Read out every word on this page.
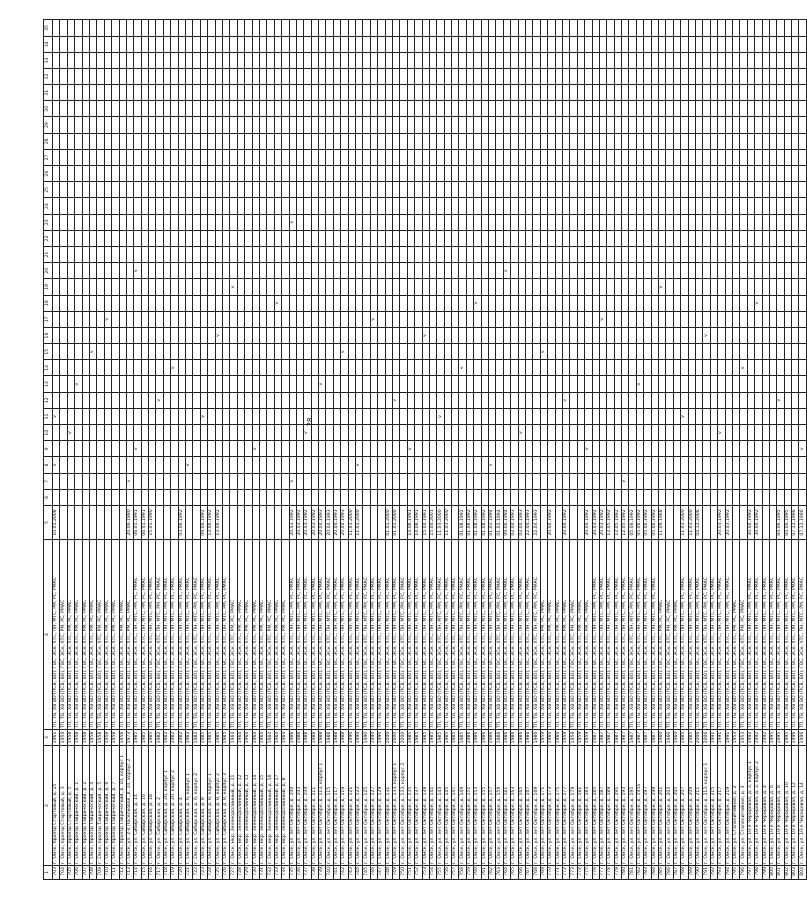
28
1	2	3	4	5	6	7	8	9	10	11	12	13	14	15	16	17	18	19	20	21	22	23	24	25	26	27	28	29	30	31	32	33	34	35
703	г. Омск, проезд Стартовый, д. 25	1961	ТП, ТВ, ХВ ВО (ПСВ, ВО), ГВС, ЭСн, ХТС, ПН, МТС, РМ, РС, РМАС	10.01.2008			v			v																								
704	г. Омск, проезд Стартовый, д. 3	1959	ТП, ТВ, ХВ ВО (ПСВ, ВО), ГВС, ЭСн, ХТС, РМ, РС, РМАС																															
705	г. Омск, проезд Стартовый, д. 5	1958	ТП, ТВ, ХВ ВО (ПСВ, ВО), ГВС, ЭСн, ХТС, РМ, РС, РМАС						v																									
706	г. Омск, проезд Таврический, д. 1	1958	ТП, ТВ, ХВ ВО (ПСВ, ВО), ГВС, ЭСн, ХТС, РМ, РС, РМАС									v																						
707	г. Омск, проезд Таврический, д. 2	1958	ТП, ТВ, ХВ ВО (ПСВ, ВО), ГВС, ЭСн, ХТС, РМ, РС, РМАС																															
708	г. Омск, проезд Таврический, д. 4	1958	ТП, ТВ, ХВ ВО (ПСВ, ВО), ГВС, ЭСн, ХТС, РМ, РС, РМАС											v																				
709	г. Омск, проезд Таврический, д. 5	1958	ТП, ТВ, ХВ ВО (ПСВ, ВО), ГВС, ЭСн, ХТС, РМ, РС, РМАС																															
710	г. Омск, проезд Таврический, д. 6	1958	ТП, ТВ, ХВ ВО (ПСВ, ВО), ГВС, ЭСн, ХТС, РМ, РС, РМАС													v																		
711	г. Омск, проезд Таврический, д. 7	1958	ТП, ТВ, ХВ ВО (ПСВ, ВО), ГВС, ЭСн, ХТС, РМ, РС, РМАС																															
712	г. Омск, проезд Таврический, д. 10, корпус 1	1958	ТП, ТВ, ХВ ВО (ПСВ, ВО), ГВС, ЭСн, ХТС, РМ, РС, РМАС																															
713	г. Омск, ул. 2-я Поселковая, д. 10, корпус 2	1973	ТП, ТВ, ХВ ВО (ПСВ, ВО), ГВС, ЭСн, ХТС, РМ, РС, РМАС	20.06.1990		v																												
714	г. Омск, ул. Сибирская, д. 14	1985	ТП, ТВ, ХВ ВО (ПСВ, ВО), ГВС, ЭСн, ХТС, ПН, МТС, РМ, РС, РМАС	06.01.1991				v											v															
715	г. Омск, ул. Сибирская, д. 16	1985	ТП, ТВ, ХВ ВО (ПСВ, ВО), ГВС, ЭСн, ХТС, ПН, МТС, РМ, РС, РМАС	06.01.1991																														
716	г. Омск, ул. Сибирская, д. 18	1985	ТП, ТВ, ХВ ВО (ПСВ, ВО), ГВС, ЭСн, ХТС, ПН, МТС, РМ, РС, РМАС	15.01.1990																														
717	г. Омск, ул. Сибирская, д. 2	1982	ТП, ТВ, ХВ ВО (ПСВ, ВО), ГВС, ЭСн, ХТС, ПН, МТС, РМ, РС, РМАС								v																							
718	г. Омск, ул. Сибирская, д. 20, корпус 1	1982	ТП, ТВ, ХВ ВО (ПСВ, ВО), ГВС, ЭСн, ХТС, ПН, МТС, РМ, РС, РМАС																															
719	г. Омск, ул. Сибирская, д. 20, корпус 2	1982	ТП, ТВ, ХВ ВО (ПСВ, ВО), ГВС, ЭСн, ХТС, ПН, МТС, РМ, РС, РМАС										v																					
720	г. Омск, ул. Сибирская, д. 4	1982	ТП, ТВ, ХВ ВО (ПСВ, ВО), ГВС, ЭСн, ХТС, ПН, МТС, РМ, РС, РМАС	03.06.1992																														
721	г. Омск, ул. Сибирская, д. 6, корпус 1	1982	ТП, ТВ, ХВ ВО (ПСВ, ВО), ГВС, ЭСн, ХТС, ПН, МТС, РМ, РС, РМАС				v																											
722	г. Омск, ул. Сибирская, д. 6, корпус 2	1982	ТП, ТВ, ХВ ВО (ПСВ, ВО), ГВС, ЭСн, ХТС, ПН, МТС, РМ, РС, РМАС																															
723	г. Омск, ул. Сибирская, д. 8	1985	ТП, ТВ, ХВ ВО (ПСВ, ВО), ГВС, ЭСн, ХТС, ПН, МТС, РМ, РС, РМАС	09.06.1992						v																								
724	г. Омск, ул. Сибирская, д. 8, корпус 1	1985	ТП, ТВ, ХВ ВО (ПСВ, ВО), ГВС, ЭСн, ХТС, ПН, МТС, РМ, РС, РМАС	13.06.1992																														
725	г. Омск, ул. Сибирская, д. 8, корпус 2	1985	ТП, ТВ, ХВ ВО (ПСВ, ВО), ГВС, ЭСн, ХТС, ПН, МТС, РМ, РС, РМАС	13.06.1992											v																			
726	г. Омск, ул. Сибирская, д. 8, корпус 3	1985	ТП, ТВ, ХВ ВО (ПСВ, ВО), ГВС, ЭСн, ХТС, ПН, МТС, РМ, РС, РМАС																															
727	г. Омск, мкр. Зеленодолинный, д. 11	1964	ТП, ТВ, ХВ ВО (ПСВ, ВО), ГВС, ЭСн, ХТС, РМ, РС, РМАС															v																
728	г. Омск, мкр. Зеленодолинный, д. 12	1964	ТП, ТВ, ХВ ВО (ПСВ, ВО), ГВС, ЭСн, ХТС, РМ, РС, РМАС																															
729	г. Омск, мкр. Зеленодолинный, д. 13	1964	ТП, ТВ, ХВ ВО (ПСВ, ВО), ГВС, ЭСн, ХТС, РМ, РС, РМАС																															
730	г. Омск, мкр. Зеленодолинный, д. 14	1964	ТП, ТВ, ХВ ВО (ПСВ, ВО), ГВС, ЭСн, ХТС, РМ, РС, РМАС					v																										
731	г. Омск, мкр. Зеленодолинный, д. 15	1964	ТП, ТВ, ХВ ВО (ПСВ, ВО), ГВС, ЭСн, ХТС, РМ, РС, РМАС																															
732	г. Омск, мкр. Зеленодолинный, д. 16	1964	ТП, ТВ, ХВ ВО (ПСВ, ВО), ГВС, ЭСн, ХТС, РМ, РС, РМАС																															
733	г. Омск, мкр. Зеленодолинный, д. 17	1964	ТП, ТВ, ХВ ВО (ПСВ, ВО), ГВС, ЭСн, ХТС, РМ, РС, РМАС														v																	
734	г. Омск, мкр. Зеленодолинный, д. 8	1964	ТП, ТВ, ХВ ВО (ПСВ, ВО), ГВС, ЭСн, ХТС, РМ, РС, РМАС																															
735	г. Омск, ул. лет Октября, д. 100	1988	ТП, ТВ, ХВ ВО (ПСВ, ВО), ГВС, ЭСн, ХТС, ПН, МТС, РМ, РС, РМАС	20.03.1992		v																v												
736	г. Омск, ул. лет Октября, д. 103	1988	ТП, ТВ, ХВ ВО (ПСВ, ВО), ГВС, ЭСн, ХТС, ПН, МТС, РМ, РС, РМАС	20.03.1992																														
737	г. Омск, ул. лет Октября, д. 109	1988	ТП, ТВ, ХВ ВО (ПСВ, ВО), ГВС, ЭСн, ХТС, ПН, МТС, РМ, РС, РМАС	20.03.1992					v																									
738	г. Омск, ул. лет Октября, д. 111	1988	ТП, ТВ, ХВ ВО (ПСВ, ВО), ГВС, ЭСн, ХТС, ПН, МТС, РМ, РС, РМАС	20.03.1992																														
739	г. Омск, ул. лет Октября, д. 113, корпус 1	1988	ТП, ТВ, ХВ ВО (ПСВ, ВО), ГВС, ЭСн, ХТС, ПН, МТС, РМ, РС, РМАС	20.04.1993								v																						
740	г. Омск, ул. лет Октября, д. 115	1988	ТП, ТВ, ХВ ВО (ПСВ, ВО), ГВС, ЭСн, ХТС, ПН, МТС, РМ, РС, РМАС	20.04.1993																														
741	г. Омск, ул. лет Октября, д. 117	1988	ТП, ТВ, ХВ ВО (ПСВ, ВО), ГВС, ЭСн, ХТС, ПН, МТС, РМ, РС, РМАС	20.04.1993																														
742	г. Омск, ул. лет Октября, д. 119	1988	ТП, ТВ, ХВ ВО (ПСВ, ВО), ГВС, ЭСн, ХТС, ПН, МТС, РМ, РС, РМАС	20.04.1993										v																				
743	г. Омск, ул. лет Октября, д. 121	1990	ТП, ТВ, ХВ ВО (ПСВ, ВО), ГВС, ЭСн, ХТС, ПН, МТС, РМ, РС, РМАС	11.03.2000																														
744	г. Омск, ул. лет Октября, д. 123	1990	ТП, ТВ, ХВ ВО (ПСВ, ВО), ГВС, ЭСн, ХТС, ПН, МТС, РМ, РС, РМАС	11.03.2000			v																											
745	г. Омск, ул. лет Октября, д. 125	1990	ТП, ТВ, ХВ ВО (ПСВ, ВО), ГВС, ЭСн, ХТС, ПН, МТС, РМ, РС, РМАС																															
746	г. Омск, ул. лет Октября, д. 127	1990	ТП, ТВ, ХВ ВО (ПСВ, ВО), ГВС, ЭСн, ХТС, ПН, МТС, РМ, РС, РМАС													v																		
747	г. Омск, ул. лет Октября, д. 129	1990	ТП, ТВ, ХВ ВО (ПСВ, ВО), ГВС, ЭСн, ХТС, ПН, МТС, РМ, РС, РМАС																															
748	г. Омск, ул. лет Октября, д. 131	2000	ТП, ТВ, ХВ ВО (ПСВ, ВО), ГВС, ЭСн, ХТС, ПН, МТС, РМ, РС, РМАС	01.01.2000																														
749	г. Омск, ул. лет Октября, д. 133, корпус 1	2000	ТП, ТВ, ХВ ВО (ПСВ, ВО), ГВС, ЭСн, ХТС, ПН, МТС, РМ, РС, РМАС	01.01.2000							v																							
750	г. Омск, ул. лет Октября, д. 133, корпус 2	2000	ТП, ТВ, ХВ ВО (ПСВ, ВО), ГВС, ЭСн, ХТС, ПН, МТС, РМ, РС, РМАС																															
751	г. Омск, ул. лет Октября, д. 135	1985	ТП, ТВ, ХВ ВО (ПСВ, ВО), ГВС, ЭСн, ХТС, ПН, МТС, РМ, РС, РМАС	14.08.1991				v																										
752	г. Омск, ул. лет Октября, д. 137	1985	ТП, ТВ, ХВ ВО (ПСВ, ВО), ГВС, ЭСн, ХТС, ПН, МТС, РМ, РС, РМАС	14.08.1991																														
753	г. Омск, ул. лет Октября, д. 139	1985	ТП, ТВ, ХВ ВО (ПСВ, ВО), ГВС, ЭСн, ХТС, ПН, МТС, РМ, РС, РМАС	15.04.1991											v																			
754	г. Омск, ул. лет Октября, д. 141	1985	ТП, ТВ, ХВ ВО (ПСВ, ВО), ГВС, ЭСн, ХТС, ПН, МТС, РМ, РС, РМАС	15.04.2001																														
755	г. Омск, ул. лет Октября, д. 143	1985	ТП, ТВ, ХВ ВО (ПСВ, ВО), ГВС, ЭСн, ХТС, ПН, МТС, РМ, РС, РМАС	11.03.2000						v																								
756	г. Омск, ул. лет Октября, д. 145	1985	ТП, ТВ, ХВ ВО (ПСВ, ВО), ГВС, ЭСн, ХТС, ПН, МТС, РМ, РС, РМАС	11.03.2000																														
757	г. Омск, ул. лет Октября, д. 147	1985	ТП, ТВ, ХВ ВО (ПСВ, ВО), ГВС, ЭСн, ХТС, ПН, МТС, РМ, РС, РМАС																															
758	г. Омск, ул. лет Октября, д. 149	1985	ТП, ТВ, ХВ ВО (ПСВ, ВО), ГВС, ЭСн, ХТС, ПН, МТС, РМ, РС, РМАС	01.08.1992									v																					
759	г. Омск, ул. лет Октября, д. 151	1986	ТП, ТВ, ХВ ВО (ПСВ, ВО), ГВС, ЭСн, ХТС, ПН, МТС, РМ, РС, РМАС	01.08.1992																														
760	г. Омск, ул. лет Октября, д. 153	1986	ТП, ТВ, ХВ ВО (ПСВ, ВО), ГВС, ЭСн, ХТС, ПН, МТС, РМ, РС, РМАС	01.08.1992													v																	
761	г. Омск, ул. лет Октября, д. 155	1986	ТП, ТВ, ХВ ВО (ПСВ, ВО), ГВС, ЭСн, ХТС, ПН, МТС, РМ, РС, РМАС	01.08.1992																														
762	г. Омск, ул. лет Октября, д. 157	1986	ТП, ТВ, ХВ ВО (ПСВ, ВО), ГВС, ЭСн, ХТС, ПН, МТС, РМ, РС, РМАС	01.02.1994			v																											
763	г. Омск, ул. лет Октября, д. 159	1986	ТП, ТВ, ХВ ВО (ПСВ, ВО), ГВС, ЭСн, ХТС, ПН, МТС, РМ, РС, РМАС	01.02.1994																														
764	г. Омск, ул. лет Октября, д. 161	1986	ТП, ТВ, ХВ ВО (ПСВ, ВО), ГВС, ЭСн, ХТС, ПН, МТС, РМ, РС, РМАС	09.06.1994															v															
765	г. Омск, ул. лет Октября, д. 163	1986	ТП, ТВ, ХВ ВО (ПСВ, ВО), ГВС, ЭСн, ХТС, ПН, МТС, РМ, РС, РМАС	02.04.1993																														
766	г. Омск, ул. лет Октября, д. 165	1986	ТП, ТВ, ХВ ВО (ПСВ, ВО), ГВС, ЭСн, ХТС, ПН, МТС, РМ, РС, РМАС	02.04.1993					v																									
767	г. Омск, ул. лет Октября, д. 167	1986	ТП, ТВ, ХВ ВО (ПСВ, ВО), ГВС, ЭСн, ХТС, ПН, МТС, РМ, РС, РМАС	22.04.1993																														
768	г. Омск, ул. лет Октября, д. 169	1986	ТП, ТВ, ХВ ВО (ПСВ, ВО), ГВС, ЭСн, ХТС, ПН, МТС, РМ, РС, РМАС	22.04.1993																														
769	г. Омск, ул. лет Октября, д. 171	1959	ТП, ТВ, ХВ ВО (ПСВ, ВО), ГВС, ЭСн, ХТС, РМ, РС, РМАС											v																				
770	г. Омск, ул. лет Октября, д. 173	1960	ТП, ТВ, ХВ ВО (ПСВ, ВО), ГВС, ЭСн, ХТС, РМ, РС, РМАС	20.04.1992																														
771	г. Омск, ул. лет Октября, д. 175	1960	ТП, ТВ, ХВ ВО (ПСВ, ВО), ГВС, ЭСн, ХТС, РМ, РС, РМАС																															
772	г. Омск, ул. лет Октября, д. 177	1959	ТП, ТВ, ХВ ВО (ПСВ, ВО), ГВС, ЭСн, ХТС, РМ, РС, РМАС	20.04.1992							v																							
773	г. Омск, ул. лет Октября, д. 179	1959	ТП, ТВ, ХВ ВО (ПСВ, ВО), ГВС, ЭСн, ХТС, РМ, РС, РМАС																															
774	г. Омск, ул. лет Октября, д. 181	1959	ТП, ТВ, ХВ ВО (ПСВ, ВО), ГВС, ЭСн, ХТС, РМ, РС, РМАС																															
775	г. Омск, ул. лет Октября, д. 183	1959	ТП, ТВ, ХВ ВО (ПСВ, ВО), ГВС, ЭСн, ХТС, РМ, РС, РМАС	20.04.1992				v																										
776	г. Омск, ул. лет Октября, д. 185	1987	ТП, ТВ, ХВ ВО (ПСВ, ВО), ГВС, ЭСн, ХТС, ПН, МТС, РМ, РС, РМАС	20.03.1992																														
777	г. Омск, ул. лет Октября, д. 187	1987	ТП, ТВ, ХВ ВО (ПСВ, ВО), ГВС, ЭСн, ХТС, ПН, МТС, РМ, РС, РМАС	20.03.1992												v																		
778	г. Омск, ул. лет Октября, д. 189	1987	ТП, ТВ, ХВ ВО (ПСВ, ВО), ГВС, ЭСн, ХТС, ПН, МТС, РМ, РС, РМАС	12.05.1992																														
779	г. Омск, ул. лет Октября, д. 191	1987	ТП, ТВ, ХВ ВО (ПСВ, ВО), ГВС, ЭСн, ХТС, ПН, МТС, РМ, РС, РМАС	12.05.1992																														
780	г. Омск, ул. лет Октября, д. 193	1987	ТП, ТВ, ХВ ВО (ПСВ, ВО), ГВС, ЭСн, ХТС, ПН, МТС, РМ, РС, РМАС	12.05.1992		v																												
781	г. Омск, ул. лет Октября, д. 195	1987	ТП, ТВ, ХВ ВО (ПСВ, ВО), ГВС, ЭСн, ХТС, ПН, МТС, РМ, РС, РМАС	05.06.1992																														
782	г. Омск, ул. лет Октября, д. 195а	1987	ТП, ТВ, ХВ ВО (ПСВ, ВО), ГВС, ЭСн, ХТС, ПН, МТС, РМ, РС, РМАС	05.06.1992								v																						
783	г. Омск, ул. лет Октября, д. 197	1987	ТП, ТВ, ХВ ВО (ПСВ, ВО), ГВС, ЭСн, ХТС, ПН, МТС, РМ, РС, РМАС	05.06.1992																														
784	г. Омск, ул. лет Октября, д. 199	1987	ТП, ТВ, ХВ ВО (ПСВ, ВО), ГВС, ЭСн, ХТС, ПН, МТС, РМ, РС, РМАС	05.06.1992																														
785	г. Омск, ул. лет Октября, д. 201	1960	ТП, ТВ, ХВ ВО (ПСВ, ВО), ГВС, ЭСн, ХТС, РМ, РС, РМАС	11.09.1968														v																
786	г. Омск, ул. лет Октября, д. 203	1960	ТП, ТВ, ХВ ВО (ПСВ, ВО), ГВС, ЭСн, ХТС, РМ, РС, РМАС																															
787	г. Омск, ул. лет Октября, д. 205	1960	ТП, ТВ, ХВ ВО (ПСВ, ВО), ГВС, ЭСн, ХТС, РМ, РС, РМАС																															
788	г. Омск, ул. лет Октября, д. 207	1985	ТП, ТВ, ХВ ВО (ПСВ, ВО), ГВС, ЭСн, ХТС, ПН, МТС, РМ, РС, РМАС	11.03.2000						v																								
789	г. Омск, ул. лет Октября, д. 209	1985	ТП, ТВ, ХВ ВО (ПСВ, ВО), ГВС, ЭСн, ХТС, ПН, МТС, РМ, РС, РМАС	11.03.2000																														
790	г. Омск, ул. лет Октября, д. 211	2006	ТП, ТВ, ХВ ВО (ПСВ, ВО), ГВС, ЭСн, ХТС, ПН, МТС, РМ, РС, РМАС	04.12.2006																														
791	г. Омск, ул. лет Октября, д. 213, корпус 1	2006	ТП, ТВ, ХВ ВО (ПСВ, ВО), ГВС, ЭСн, ХТС, ПН, МТС, РМ, РС, РМАС												v																			
792	г. Омск, ул. лет Октября, д. 215	1991	ТП, ТВ, ХВ ВО (ПСВ, ВО), ГВС, ЭСн, ХТС, ПН, МТС, РМ, РС, РМАС																															
793	г. Омск, ул. лет Октября, д. 217	1991	ТП, ТВ, ХВ ВО (ПСВ, ВО), ГВС, ЭСн, ХТС, ПН, МТС, РМ, РС, РМАС	20.03.1992					v																									
794	г. Омск, ул. лет Октября, д. 219	1991	ТП, ТВ, ХВ ВО (ПСВ, ВО), ГВС, ЭСн, ХТС, ПН, МТС, РМ, РС, РМАС	20.03.1992																														
795	г. Омск, ул. Сталелитейная, д. 2	1953	ТП, ТВ, ХВ ВО (ПСВ, ВО), ГВС, ЭСн, ХТС, РМ, РС, РМАС																															
796	г. Омск, ул. Сталелитейная, д. 3	1953	ТП, ТВ, ХВ ВО (ПСВ, ВО), ГВС, ЭСн, ХТС, РМ, РС, РМАС										v																					
797	г. Омск, ул. 10-я Чередовая, д. 2, корпус 1	1992	ТП, ТВ, ХВ ВО (ПСВ, ВО), ГВС, ЭСн, ХТС, ПН, МТС, РМ, РС, РМАС	30.04.1992																														
798	г. Омск, ул. 10-я Чередовая, д. 2, корпус 2	1992	ТП, ТВ, ХВ ВО (ПСВ, ВО), ГВС, ЭСн, ХТС, ПН, МТС, РМ, РС, РМАС	30.04.1992													v																	
799	г. Омск, ул. 10-я Чередовая, д. 4	1992	ТП, ТВ, ХВ ВО (ПСВ, ВО), ГВС, ЭСн, ХТС, ПН, МТС, РМ, РС, РМАС																															
800	г. Омск, ул. 10-я Чередовая, д. 6	1995	ТП, ТВ, ХВ ВО (ПСВ, ВО), ГВС, ЭСн, ХТС, ПН, МТС, РМ, РС, РМАС																															
801	г. Омск, ул. 10-я Чередовая, д. 8	1995	ТП, ТВ, ХВ ВО (ПСВ, ВО), ГВС, ЭСн, ХТС, ПН, МТС, РМ, РС, РМАС	04.06.1995							v																							
802	г. Омск, ул. 10-я Чередовая, д. 10	1995	ТП, ТВ, ХВ ВО (ПСВ, ВО), ГВС, ЭСн, ХТС, ПН, МТС, РМ, РС, РМАС	04.06.1995																														
803	г. Омск, ул. 10-я Чередовая, д. 12	1996	ТП, ТВ, ХВ ВО (ПСВ, ВО), ГВС, ЭСн, ХТС, ПН, МТС, РМ, РС, РМАС	07.12.1996																														
804	г. Омск, ул. 10-я Чередовая, д. 14	1996	ТП, ТВ, ХВ ВО (ПСВ, ВО), ГВС, ЭСн, ХТС, ПН, МТС, РМ, РС, РМАС	07.12.1996				v																										
